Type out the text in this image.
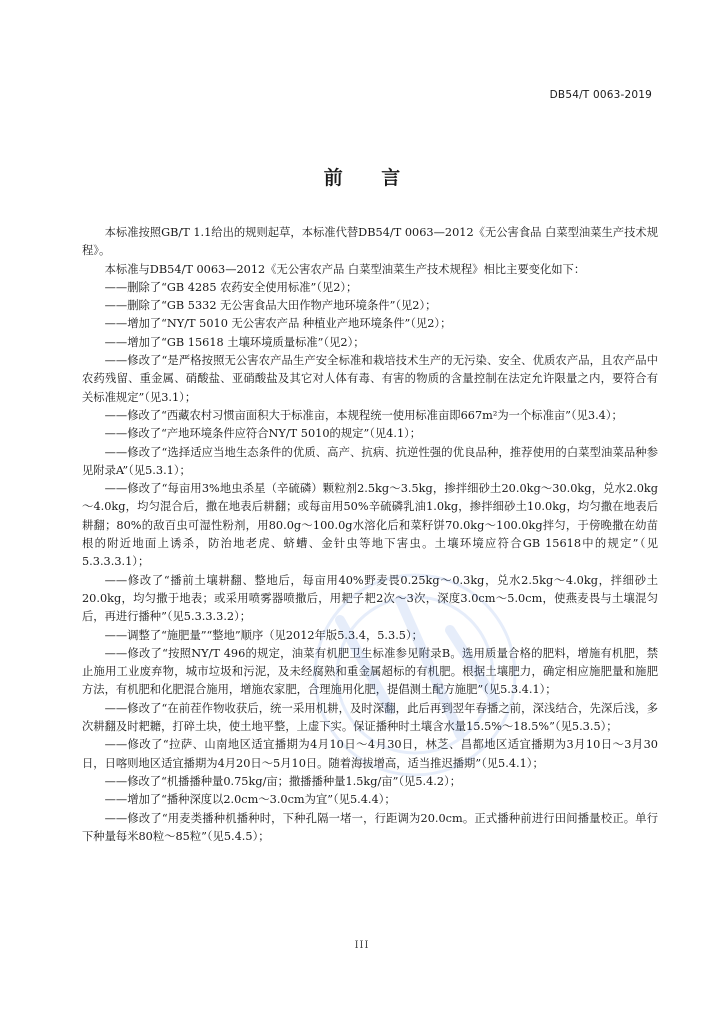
DB54/T 0063-2019
前 言

本标准按照GB/T 1.1给出的规则起草，本标准代替DB54/T 0063—2012《无公害食品 白菜型油菜生产技术规程》。

本标准与DB54/T 0063—2012《无公害农产品 白菜型油菜生产技术规程》相比主要变化如下：

——删除了“GB 4285 农药安全使用标准”（见2）；

——删除了“GB 5332 无公害食品大田作物产地环境条件”（见2）；

——增加了“NY/T 5010 无公害农产品 种植业产地环境条件”（见2）；

——增加了“GB 15618 土壤环境质量标准”（见2）；

——修改了“是严格按照无公害农产品生产安全标准和栽培技术生产的无污染、安全、优质农产品，且农产品中农药残留、重金属、硝酸盐、亚硝酸盐及其它对人体有毒、有害的物质的含量控制在法定允许限量之内，要符合有关标准规定”（见3.1）；

——修改了“西藏农村习惯亩面积大于标准亩，本规程统一使用标准亩即667m²为一个标准亩”（见3.4）；

——修改了“产地环境条件应符合NY/T 5010的规定”（见4.1）；

——修改了“选择适应当地生态条件的优质、高产、抗病、抗逆性强的优良品种，推荐使用的白菜型油菜品种参见附录A”（见5.3.1）；

——修改了“每亩用3%地虫杀星（辛硫磷）颗粒剂2.5kg～3.5kg，掺拌细砂土20.0kg～30.0kg，兑水2.0kg～4.0kg，均匀混合后，撒在地表后耕翻；或每亩用50%辛硫磷乳油1.0kg，掺拌细砂土10.0kg，均匀撒在地表后耕翻；80%的敌百虫可湿性粉剂，用80.0g～100.0g水溶化后和菜籽饼70.0kg～100.0kg拌匀，于傍晚撒在幼苗根的附近地面上诱杀，防治地老虎、蛴螬、金针虫等地下害虫。土壤环境应符合GB 15618中的规定”（见5.3.3.3.1）；

——修改了“播前土壤耕翻、整地后，每亩用40%野麦畏0.25kg～0.3kg，兑水2.5kg～4.0kg，拌细砂土20.0kg，均匀撒于地表；或采用喷雾器喷撒后，用耙子耙2次～3次，深度3.0cm～5.0cm，使燕麦畏与土壤混匀后，再进行播种”（见5.3.3.3.2）；

——调整了“施肥量”“整地”顺序（见2012年版5.3.4，5.3.5）；

——修改了“按照NY/T 496的规定，油菜有机肥卫生标准参见附录B。选用质量合格的肥料，增施有机肥，禁止施用工业废弃物，城市垃圾和污泥，及未经腐熟和重金属超标的有机肥。根据土壤肥力，确定相应施肥量和施肥方法，有机肥和化肥混合施用，增施农家肥，合理施用化肥，提倡测土配方施肥”（见5.3.4.1）；

——修改了“在前茬作物收获后，统一采用机耕，及时深翻，此后再到翌年春播之前，深浅结合，先深后浅，多次耕翻及时耙耱，打碎土块，使土地平整，上虚下实。保证播种时土壤含水量15.5%～18.5%”（见5.3.5）；

——修改了“拉萨、山南地区适宜播期为4月10日～4月30日，林芝、昌都地区适宜播期为3月10日～3月30日，日喀则地区适宜播期为4月20日～5月10日。随着海拔增高，适当推迟播期”（见5.4.1）；

——修改了“机播播种量0.75kg/亩；撒播播种量1.5kg/亩”（见5.4.2）；

——增加了“播种深度以2.0cm～3.0cm为宜”（见5.4.4）；

——修改了“用麦类播种机播种时，下种孔隔一堵一，行距调为20.0cm。正式播种前进行田间播量校正。单行下种量每米80粒～85粒”（见5.4.5）；

III
